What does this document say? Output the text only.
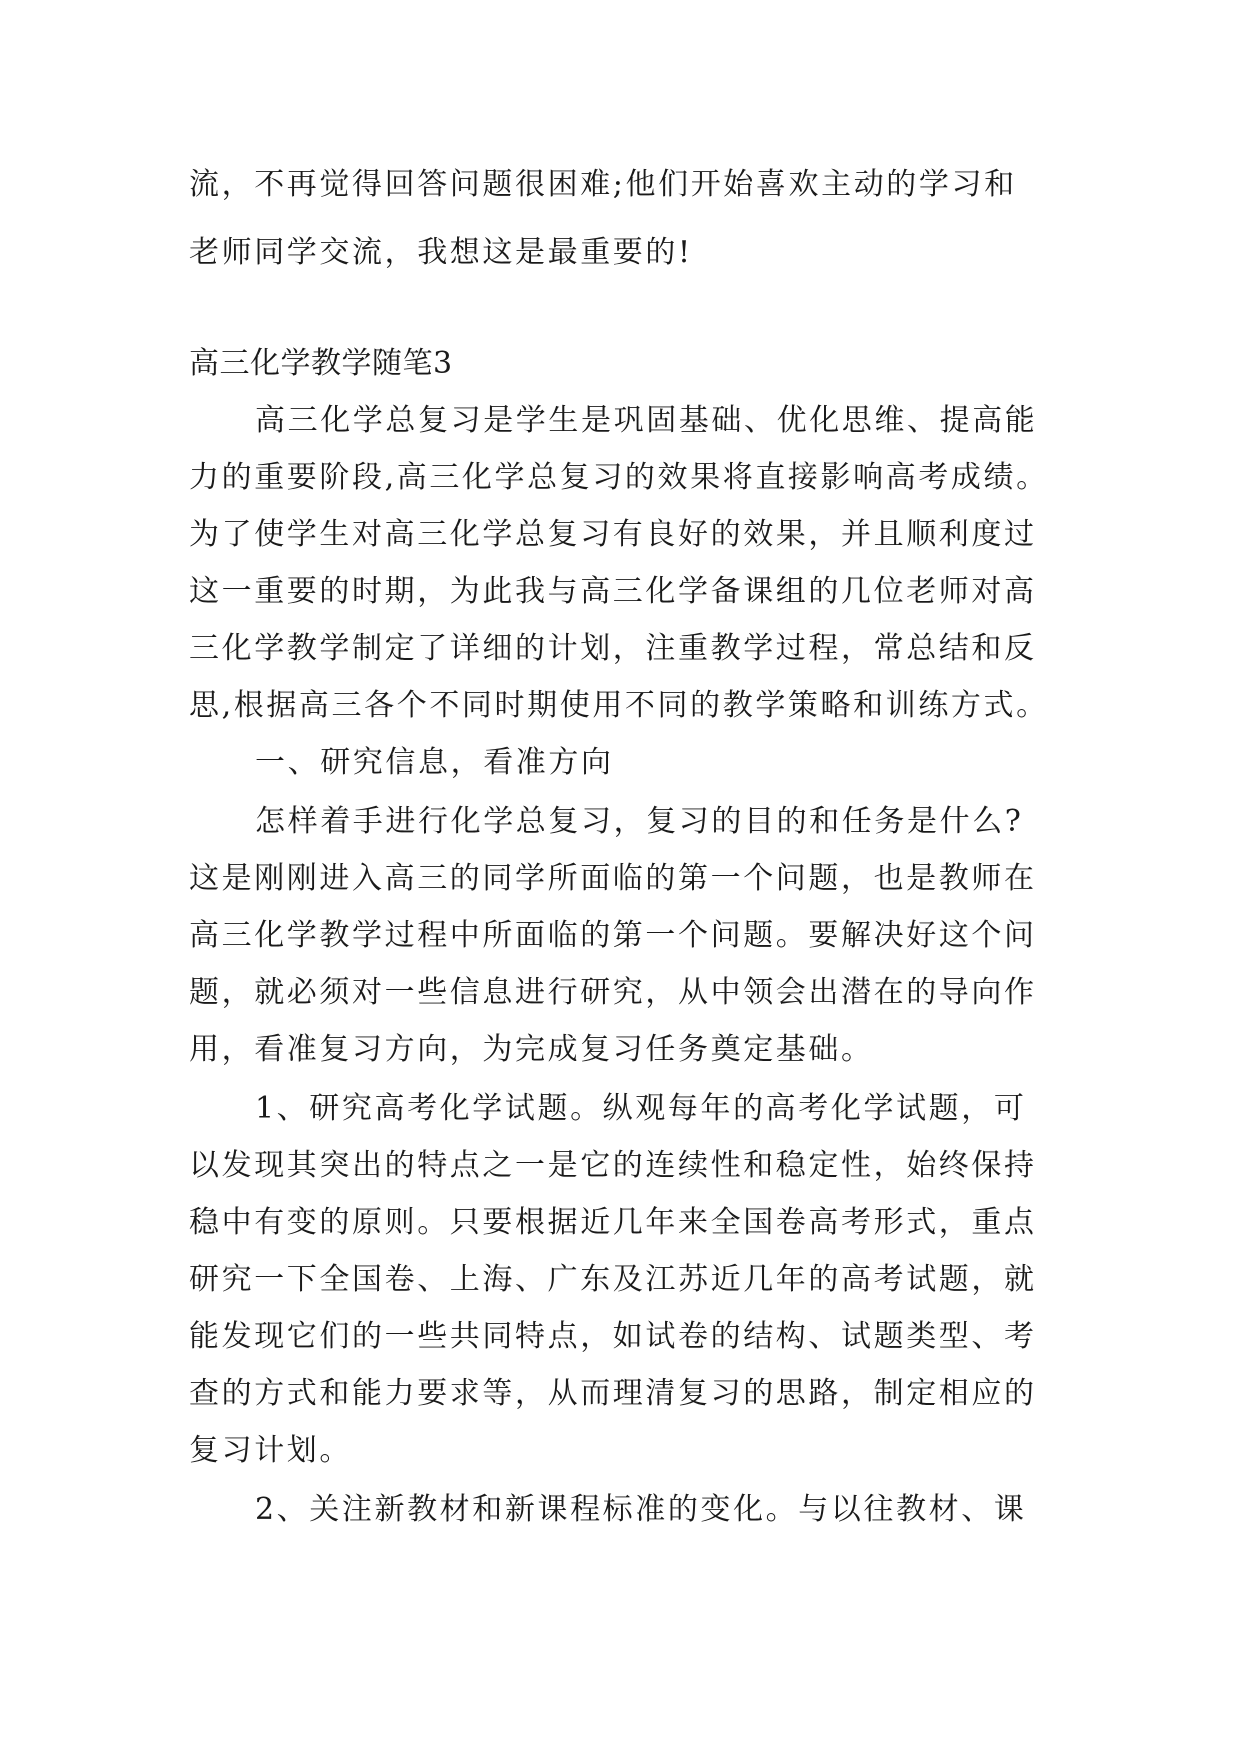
流，不再觉得回答问题很困难;他们开始喜欢主动的学习和
老师同学交流，我想这是最重要的!
高三化学教学随笔3
高三化学总复习是学生是巩固基础、优化思维、提高能
力的重要阶段,高三化学总复习的效果将直接影响高考成绩。
为了使学生对高三化学总复习有良好的效果，并且顺利度过
这一重要的时期，为此我与高三化学备课组的几位老师对高
三化学教学制定了详细的计划，注重教学过程，常总结和反
思,根据高三各个不同时期使用不同的教学策略和训练方式。
一、研究信息，看准方向
怎样着手进行化学总复习，复习的目的和任务是什么?
这是刚刚进入高三的同学所面临的第一个问题，也是教师在
高三化学教学过程中所面临的第一个问题。要解决好这个问
题，就必须对一些信息进行研究，从中领会出潜在的导向作
用，看准复习方向，为完成复习任务奠定基础。
1、研究高考化学试题。纵观每年的高考化学试题，可
以发现其突出的特点之一是它的连续性和稳定性，始终保持
稳中有变的原则。只要根据近几年来全国卷高考形式，重点
研究一下全国卷、上海、广东及江苏近几年的高考试题，就
能发现它们的一些共同特点，如试卷的结构、试题类型、考
查的方式和能力要求等，从而理清复习的思路，制定相应的
复习计划。
2、关注新教材和新课程标准的变化。与以往教材、课
